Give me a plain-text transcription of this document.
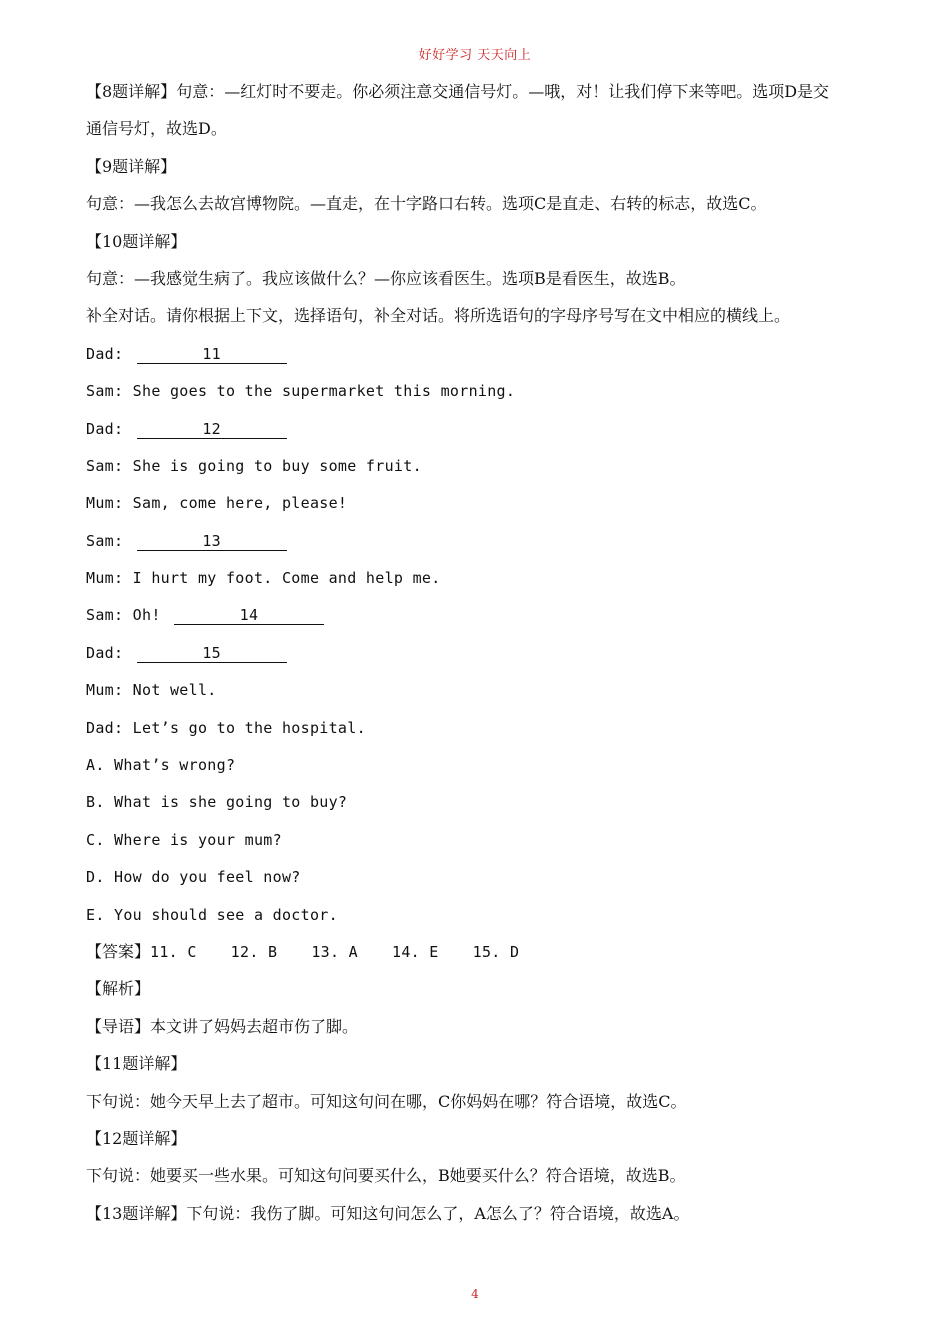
好好学习 天天向上
【8题详解】句意：—红灯时不要走。你必须注意交通信号灯。—哦，对！让我们停下来等吧。选项D是交
通信号灯，故选D。
【9题详解】
句意：—我怎么去故宫博物院。—直走，在十字路口右转。选项C是直走、右转的标志，故选C。
【10题详解】
句意：—我感觉生病了。我应该做什么？—你应该看医生。选项B是看医生，故选B。
补全对话。请你根据上下文，选择语句，补全对话。将所选语句的字母序号写在文中相应的横线上。
Dad:	11
Sam: She goes to the supermarket this morning.
Dad:	12
Sam: She is going to buy some fruit.
Mum: Sam, come here, please!
Sam:	13
Mum: I hurt my foot. Come and help me.
Sam: Oh!	14
Dad:	15
Mum: Not well.
Dad: Let’s go to the hospital.
A. What’s wrong?
B. What is she going to buy?
C. Where is your mum?
D. How do you feel now?
E. You should see a doctor.
【答案】11. C 12. B 13. A 14. E 15. D
【解析】
【导语】本文讲了妈妈去超市伤了脚。
【11题详解】
下句说：她今天早上去了超市。可知这句问在哪，C你妈妈在哪？符合语境，故选C。
【12题详解】
下句说：她要买一些水果。可知这句问要买什么，B她要买什么？符合语境，故选B。
【13题详解】下句说：我伤了脚。可知这句问怎么了，A怎么了？符合语境，故选A。
4
